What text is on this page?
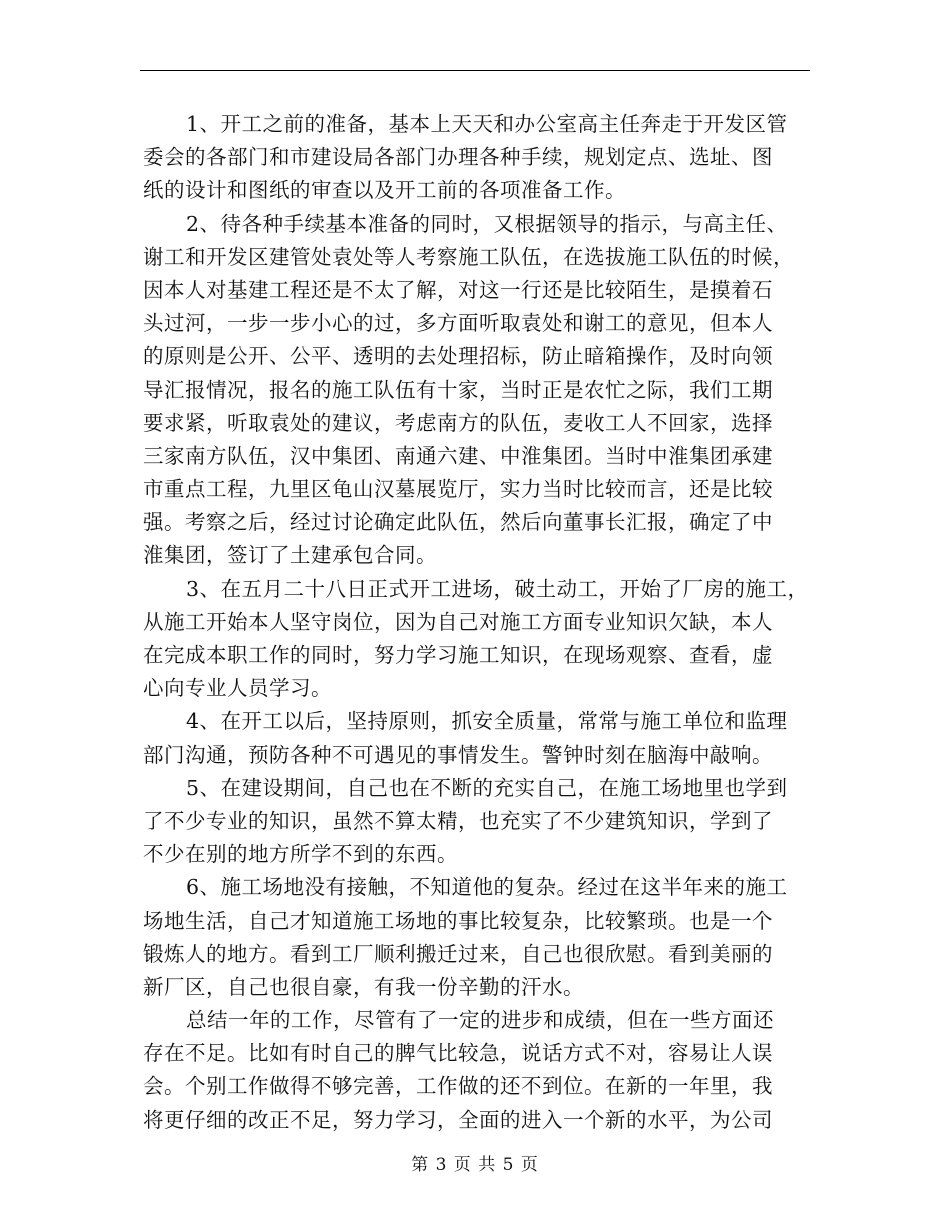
1、开工之前的准备，基本上天天和办公室高主任奔走于开发区管
委会的各部门和市建设局各部门办理各种手续，规划定点、选址、图
纸的设计和图纸的审查以及开工前的各项准备工作。
2、待各种手续基本准备的同时，又根据领导的指示，与高主任、
谢工和开发区建管处袁处等人考察施工队伍，在选拔施工队伍的时候，
因本人对基建工程还是不太了解，对这一行还是比较陌生，是摸着石
头过河，一步一步小心的过，多方面听取袁处和谢工的意见，但本人
的原则是公开、公平、透明的去处理招标，防止暗箱操作，及时向领
导汇报情况，报名的施工队伍有十家，当时正是农忙之际，我们工期
要求紧，听取袁处的建议，考虑南方的队伍，麦收工人不回家，选择
三家南方队伍，汉中集团、南通六建、中淮集团。当时中淮集团承建
市重点工程，九里区龟山汉墓展览厅，实力当时比较而言，还是比较
强。考察之后，经过讨论确定此队伍，然后向董事长汇报，确定了中
淮集团，签订了土建承包合同。
3、在五月二十八日正式开工进场，破土动工，开始了厂房的施工，
从施工开始本人坚守岗位，因为自己对施工方面专业知识欠缺，本人
在完成本职工作的同时，努力学习施工知识，在现场观察、查看，虚
心向专业人员学习。
4、在开工以后，坚持原则，抓安全质量，常常与施工单位和监理
部门沟通，预防各种不可遇见的事情发生。警钟时刻在脑海中敲响。
5、在建设期间，自己也在不断的充实自己，在施工场地里也学到
了不少专业的知识，虽然不算太精，也充实了不少建筑知识，学到了
不少在别的地方所学不到的东西。
6、施工场地没有接触，不知道他的复杂。经过在这半年来的施工
场地生活，自己才知道施工场地的事比较复杂，比较繁琐。也是一个
锻炼人的地方。看到工厂顺利搬迁过来，自己也很欣慰。看到美丽的
新厂区，自己也很自豪，有我一份辛勤的汗水。
总结一年的工作，尽管有了一定的进步和成绩，但在一些方面还
存在不足。比如有时自己的脾气比较急，说话方式不对，容易让人误
会。个别工作做得不够完善，工作做的还不到位。在新的一年里，我
将更仔细的改正不足，努力学习，全面的进入一个新的水平，为公司
第 3 页 共 5 页
